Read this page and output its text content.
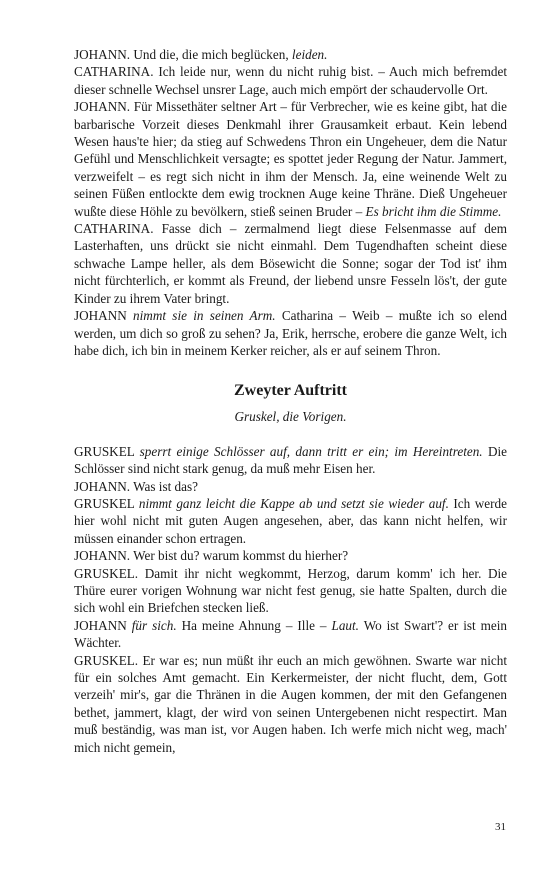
JOHANN. Und die, die mich beglücken, leiden.

CATHARINA. Ich leide nur, wenn du nicht ruhig bist. – Auch mich befremdet dieser schnelle Wechsel unsrer Lage, auch mich empört der schaudervolle Ort.

JOHANN. Für Missethäter seltner Art – für Verbrecher, wie es keine gibt, hat die barbarische Vorzeit dieses Denkmahl ihrer Grausamkeit erbaut. Kein lebend Wesen haus'te hier; da stieg auf Schwedens Thron ein Ungeheuer, dem die Natur Gefühl und Menschlichkeit versagte; es spottet jeder Regung der Natur. Jammert, verzweifelt – es regt sich nicht in ihm der Mensch. Ja, eine weinende Welt zu seinen Füßen entlockte dem ewig trocknen Auge keine Thräne. Dieß Ungeheuer wußte diese Höhle zu bevölkern, stieß seinen Bruder – Es bricht ihm die Stimme.

CATHARINA. Fasse dich – zermalmend liegt diese Felsenmasse auf dem Lasterhaften, uns drückt sie nicht einmahl. Dem Tugendhaften scheint diese schwache Lampe heller, als dem Bösewicht die Sonne; sogar der Tod ist' ihm nicht fürchterlich, er kommt als Freund, der liebend unsre Fesseln lös't, der gute Kinder zu ihrem Vater bringt.

JOHANN nimmt sie in seinen Arm. Catharina – Weib – mußte ich so elend werden, um dich so groß zu sehen? Ja, Erik, herrsche, erobere die ganze Welt, ich habe dich, ich bin in meinem Kerker reicher, als er auf seinem Thron.

Zweyter Auftritt
Gruskel, die Vorigen.

GRUSKEL sperrt einige Schlösser auf, dann tritt er ein; im Hereintreten. Die Schlösser sind nicht stark genug, da muß mehr Eisen her.

JOHANN. Was ist das?

GRUSKEL nimmt ganz leicht die Kappe ab und setzt sie wieder auf. Ich werde hier wohl nicht mit guten Augen angesehen, aber, das kann nicht helfen, wir müssen einander schon ertragen.

JOHANN. Wer bist du? warum kommst du hierher?

GRUSKEL. Damit ihr nicht wegkommt, Herzog, darum komm' ich her. Die Thüre eurer vorigen Wohnung war nicht fest genug, sie hatte Spalten, durch die sich wohl ein Briefchen stecken ließ.

JOHANN für sich. Ha meine Ahnung – Ille – Laut. Wo ist Swart'? er ist mein Wächter.

GRUSKEL. Er war es; nun müßt ihr euch an mich gewöhnen. Swarte war nicht für ein solches Amt gemacht. Ein Kerkermeister, der nicht flucht, dem, Gott verzeih' mir's, gar die Thränen in die Augen kommen, der mit den Gefangenen bethet, jammert, klagt, der wird von seinen Untergebenen nicht respectirt. Man muß beständig, was man ist, vor Augen haben. Ich werfe mich nicht weg, mach' mich nicht gemein,

31
